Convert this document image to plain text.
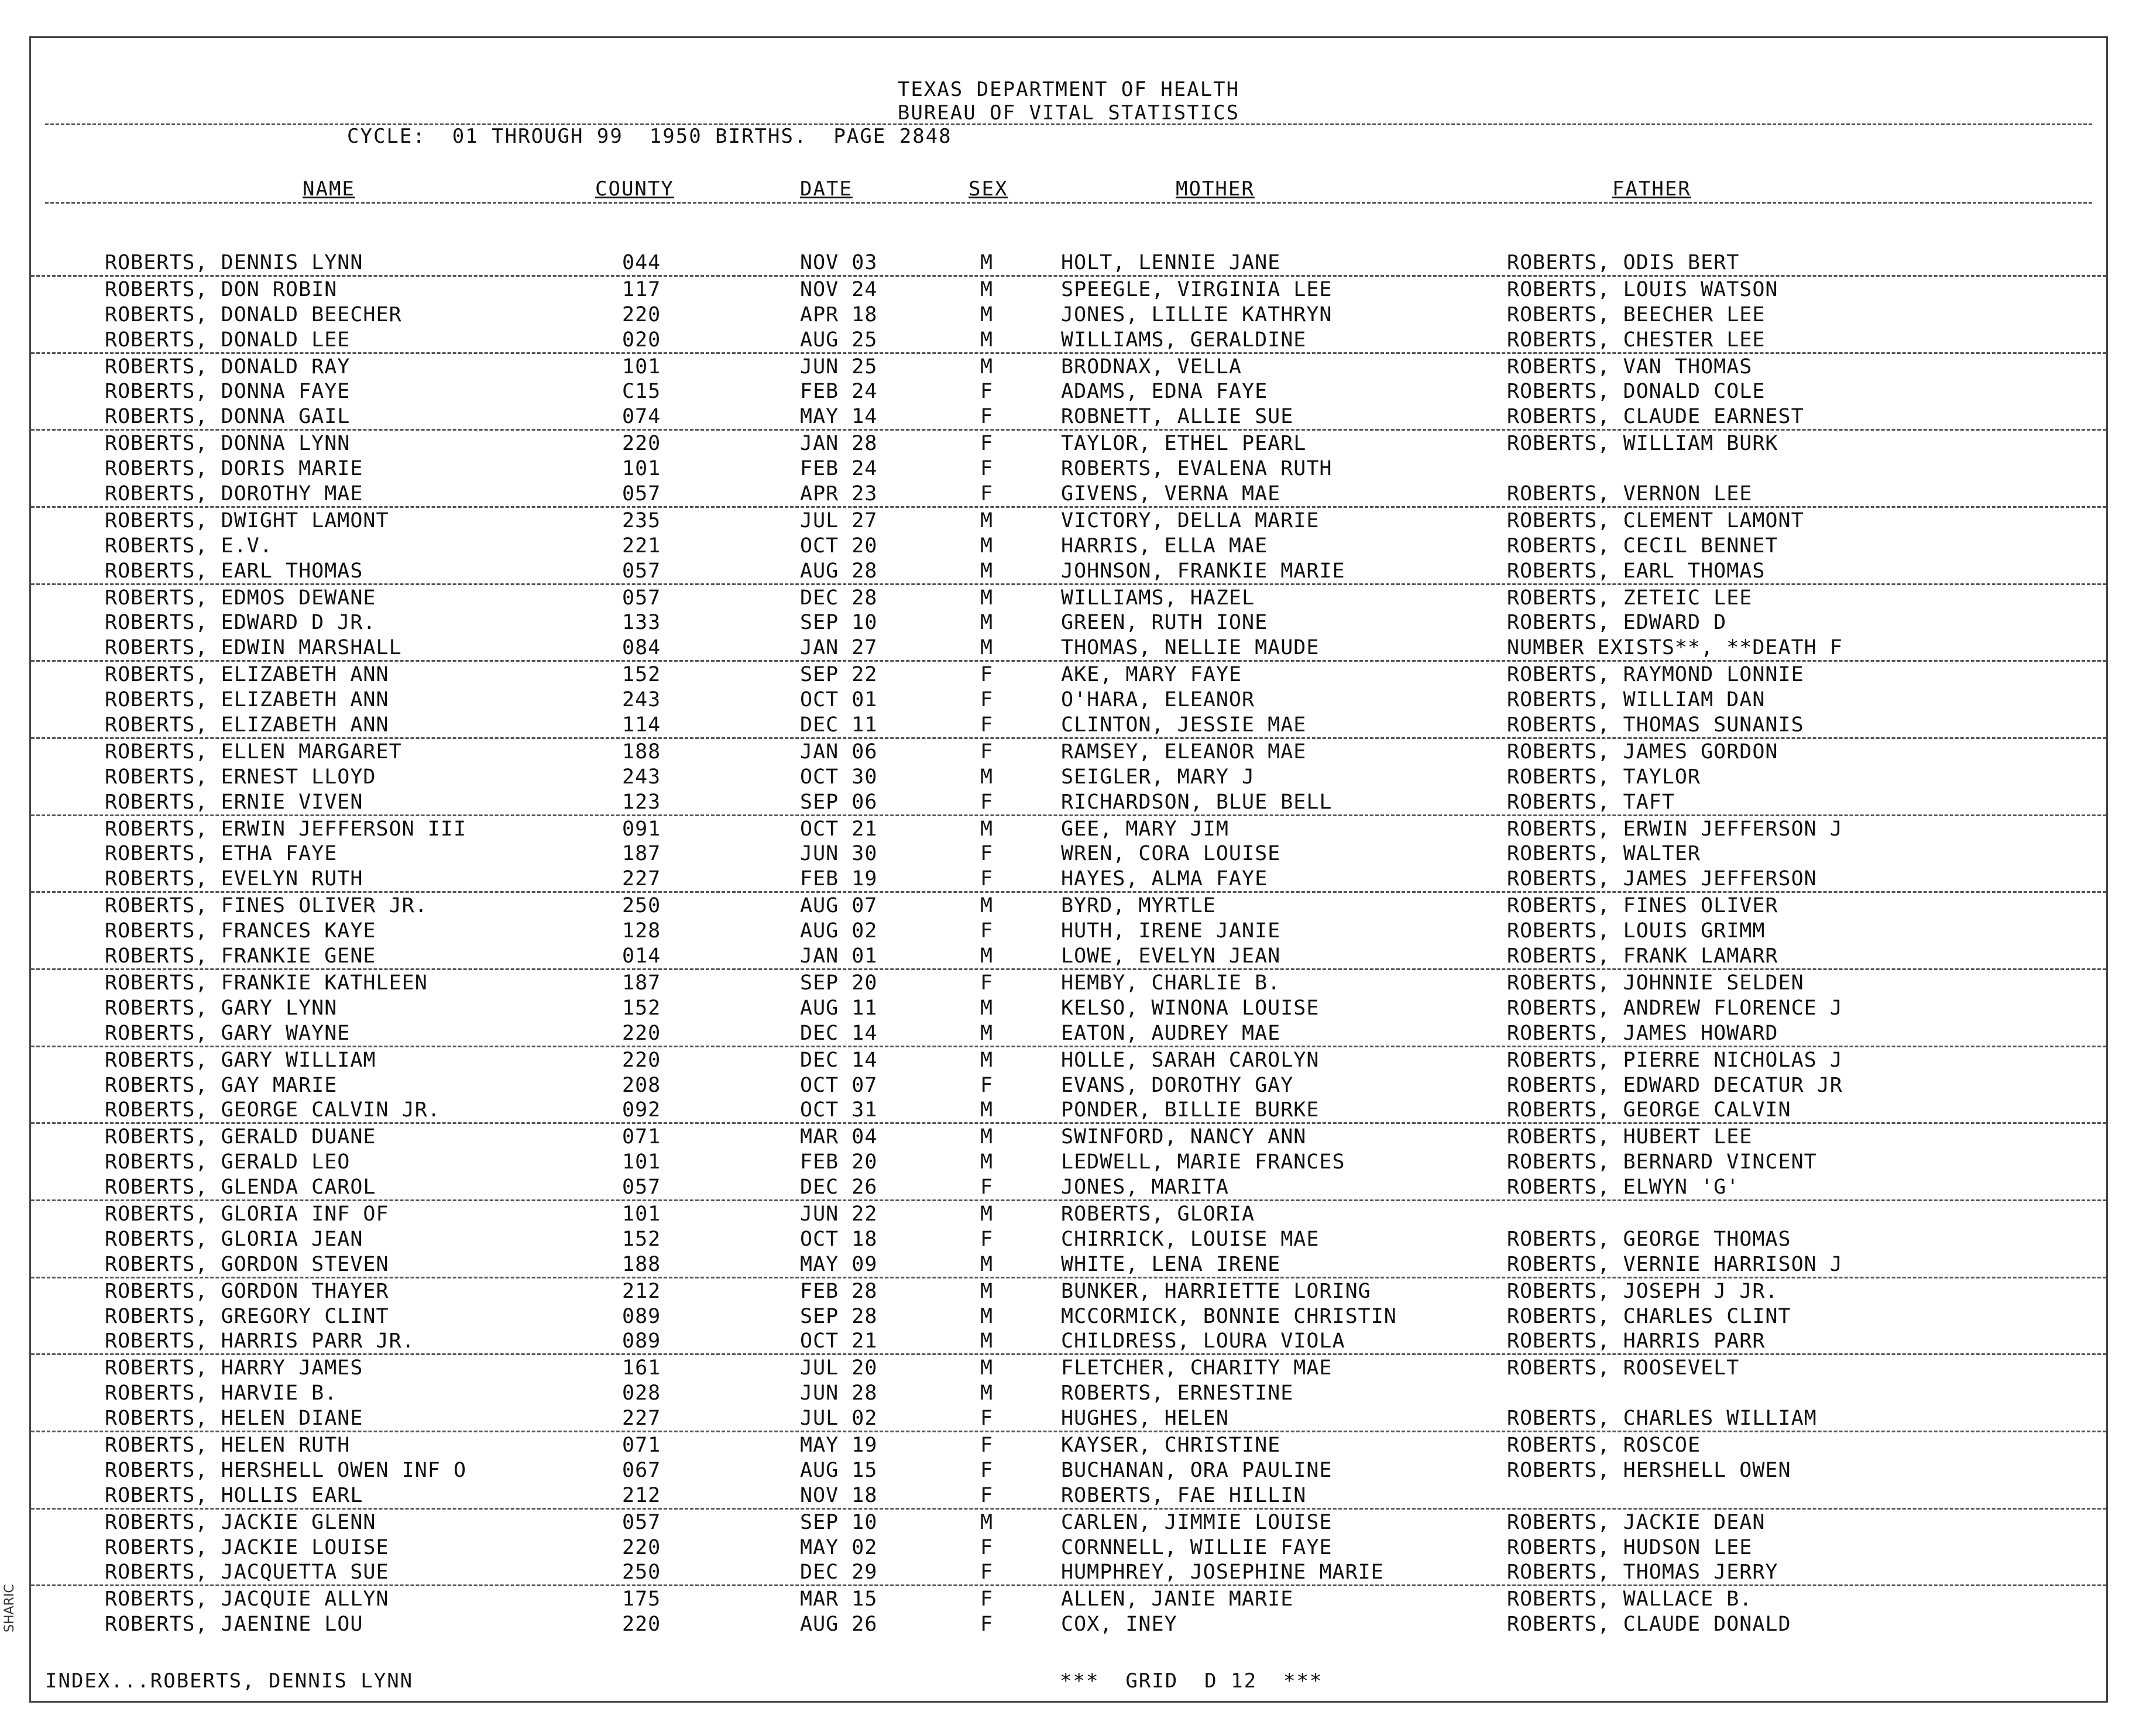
TEXAS DEPARTMENT OF HEALTH
BUREAU OF VITAL STATISTICS
CYCLE:  01 THROUGH 99  1950 BIRTHS.  PAGE 2848
NAME	COUNTY	DATE	SEX	MOTHER	FATHER
ROBERTS, DENNIS LYNN	044	NOV 03	M	HOLT, LENNIE JANE	ROBERTS, ODIS BERT
ROBERTS, DON ROBIN	117	NOV 24	M	SPEEGLE, VIRGINIA LEE	ROBERTS, LOUIS WATSON
ROBERTS, DONALD BEECHER	220	APR 18	M	JONES, LILLIE KATHRYN	ROBERTS, BEECHER LEE
ROBERTS, DONALD LEE	020	AUG 25	M	WILLIAMS, GERALDINE	ROBERTS, CHESTER LEE
ROBERTS, DONALD RAY	101	JUN 25	M	BRODNAX, VELLA	ROBERTS, VAN THOMAS
ROBERTS, DONNA FAYE	C15	FEB 24	F	ADAMS, EDNA FAYE	ROBERTS, DONALD COLE
ROBERTS, DONNA GAIL	074	MAY 14	F	ROBNETT, ALLIE SUE	ROBERTS, CLAUDE EARNEST
ROBERTS, DONNA LYNN	220	JAN 28	F	TAYLOR, ETHEL PEARL	ROBERTS, WILLIAM BURK
ROBERTS, DORIS MARIE	101	FEB 24	F	ROBERTS, EVALENA RUTH
ROBERTS, DOROTHY MAE	057	APR 23	F	GIVENS, VERNA MAE	ROBERTS, VERNON LEE
ROBERTS, DWIGHT LAMONT	235	JUL 27	M	VICTORY, DELLA MARIE	ROBERTS, CLEMENT LAMONT
ROBERTS, E.V.	221	OCT 20	M	HARRIS, ELLA MAE	ROBERTS, CECIL BENNET
ROBERTS, EARL THOMAS	057	AUG 28	M	JOHNSON, FRANKIE MARIE	ROBERTS, EARL THOMAS
ROBERTS, EDMOS DEWANE	057	DEC 28	M	WILLIAMS, HAZEL	ROBERTS, ZETEIC LEE
ROBERTS, EDWARD D JR.	133	SEP 10	M	GREEN, RUTH IONE	ROBERTS, EDWARD D
ROBERTS, EDWIN MARSHALL	084	JAN 27	M	THOMAS, NELLIE MAUDE	NUMBER EXISTS**, **DEATH F
ROBERTS, ELIZABETH ANN	152	SEP 22	F	AKE, MARY FAYE	ROBERTS, RAYMOND LONNIE
ROBERTS, ELIZABETH ANN	243	OCT 01	F	O'HARA, ELEANOR	ROBERTS, WILLIAM DAN
ROBERTS, ELIZABETH ANN	114	DEC 11	F	CLINTON, JESSIE MAE	ROBERTS, THOMAS SUNANIS
ROBERTS, ELLEN MARGARET	188	JAN 06	F	RAMSEY, ELEANOR MAE	ROBERTS, JAMES GORDON
ROBERTS, ERNEST LLOYD	243	OCT 30	M	SEIGLER, MARY J	ROBERTS, TAYLOR
ROBERTS, ERNIE VIVEN	123	SEP 06	F	RICHARDSON, BLUE BELL	ROBERTS, TAFT
ROBERTS, ERWIN JEFFERSON III	091	OCT 21	M	GEE, MARY JIM	ROBERTS, ERWIN JEFFERSON J
ROBERTS, ETHA FAYE	187	JUN 30	F	WREN, CORA LOUISE	ROBERTS, WALTER
ROBERTS, EVELYN RUTH	227	FEB 19	F	HAYES, ALMA FAYE	ROBERTS, JAMES JEFFERSON
ROBERTS, FINES OLIVER JR.	250	AUG 07	M	BYRD, MYRTLE	ROBERTS, FINES OLIVER
ROBERTS, FRANCES KAYE	128	AUG 02	F	HUTH, IRENE JANIE	ROBERTS, LOUIS GRIMM
ROBERTS, FRANKIE GENE	014	JAN 01	M	LOWE, EVELYN JEAN	ROBERTS, FRANK LAMARR
ROBERTS, FRANKIE KATHLEEN	187	SEP 20	F	HEMBY, CHARLIE B.	ROBERTS, JOHNNIE SELDEN
ROBERTS, GARY LYNN	152	AUG 11	M	KELSO, WINONA LOUISE	ROBERTS, ANDREW FLORENCE J
ROBERTS, GARY WAYNE	220	DEC 14	M	EATON, AUDREY MAE	ROBERTS, JAMES HOWARD
ROBERTS, GARY WILLIAM	220	DEC 14	M	HOLLE, SARAH CAROLYN	ROBERTS, PIERRE NICHOLAS J
ROBERTS, GAY MARIE	208	OCT 07	F	EVANS, DOROTHY GAY	ROBERTS, EDWARD DECATUR JR
ROBERTS, GEORGE CALVIN JR.	092	OCT 31	M	PONDER, BILLIE BURKE	ROBERTS, GEORGE CALVIN
ROBERTS, GERALD DUANE	071	MAR 04	M	SWINFORD, NANCY ANN	ROBERTS, HUBERT LEE
ROBERTS, GERALD LEO	101	FEB 20	M	LEDWELL, MARIE FRANCES	ROBERTS, BERNARD VINCENT
ROBERTS, GLENDA CAROL	057	DEC 26	F	JONES, MARITA	ROBERTS, ELWYN 'G'
ROBERTS, GLORIA INF OF	101	JUN 22	M	ROBERTS, GLORIA
ROBERTS, GLORIA JEAN	152	OCT 18	F	CHIRRICK, LOUISE MAE	ROBERTS, GEORGE THOMAS
ROBERTS, GORDON STEVEN	188	MAY 09	M	WHITE, LENA IRENE	ROBERTS, VERNIE HARRISON J
ROBERTS, GORDON THAYER	212	FEB 28	M	BUNKER, HARRIETTE LORING	ROBERTS, JOSEPH J JR.
ROBERTS, GREGORY CLINT	089	SEP 28	M	MCCORMICK, BONNIE CHRISTIN	ROBERTS, CHARLES CLINT
ROBERTS, HARRIS PARR JR.	089	OCT 21	M	CHILDRESS, LOURA VIOLA	ROBERTS, HARRIS PARR
ROBERTS, HARRY JAMES	161	JUL 20	M	FLETCHER, CHARITY MAE	ROBERTS, ROOSEVELT
ROBERTS, HARVIE B.	028	JUN 28	M	ROBERTS, ERNESTINE
ROBERTS, HELEN DIANE	227	JUL 02	F	HUGHES, HELEN	ROBERTS, CHARLES WILLIAM
ROBERTS, HELEN RUTH	071	MAY 19	F	KAYSER, CHRISTINE	ROBERTS, ROSCOE
ROBERTS, HERSHELL OWEN INF O	067	AUG 15	F	BUCHANAN, ORA PAULINE	ROBERTS, HERSHELL OWEN
ROBERTS, HOLLIS EARL	212	NOV 18	F	ROBERTS, FAE HILLIN
ROBERTS, JACKIE GLENN	057	SEP 10	M	CARLEN, JIMMIE LOUISE	ROBERTS, JACKIE DEAN
ROBERTS, JACKIE LOUISE	220	MAY 02	F	CORNNELL, WILLIE FAYE	ROBERTS, HUDSON LEE
ROBERTS, JACQUETTA SUE	250	DEC 29	F	HUMPHREY, JOSEPHINE MARIE	ROBERTS, THOMAS JERRY
ROBERTS, JACQUIE ALLYN	175	MAR 15	F	ALLEN, JANIE MARIE	ROBERTS, WALLACE B.
ROBERTS, JAENINE LOU	220	AUG 26	F	COX, INEY	ROBERTS, CLAUDE DONALD
INDEX...ROBERTS, DENNIS LYNN	***  GRID  D 12  ***
SHARIC
